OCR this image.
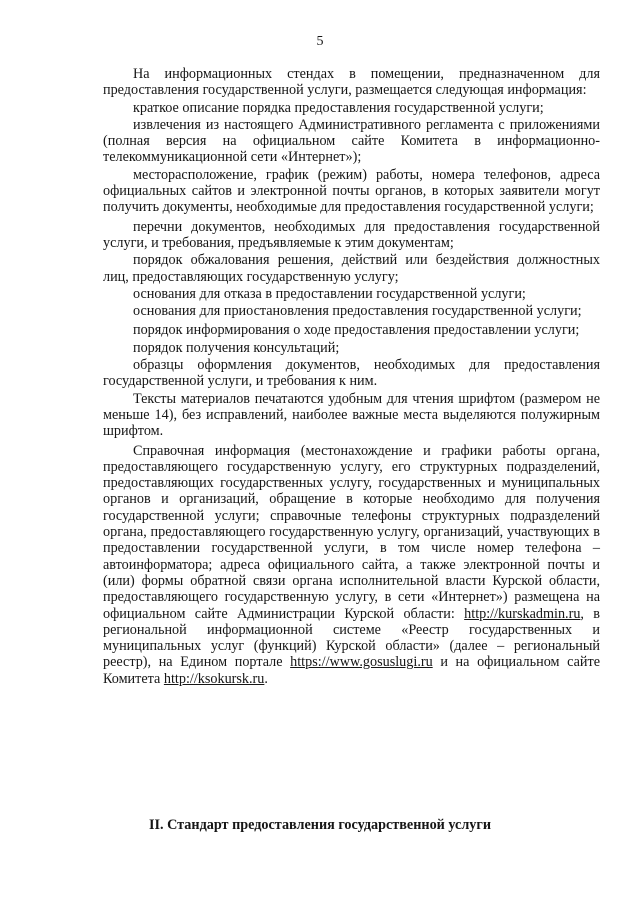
5

На информационных стендах в помещении, предназначенном для предоставления государственной услуги, размещается следующая информация:

краткое описание порядка предоставления государственной услуги;

извлечения из настоящего Административного регламента с приложениями (полная версия на официальном сайте Комитета в информационно-телекоммуникационной сети «Интернет»);

месторасположение, график (режим) работы, номера телефонов, адреса официальных сайтов и электронной почты органов, в которых заявители могут получить документы, необходимые для предоставления государственной услуги;

перечни документов, необходимых для предоставления государственной услуги, и требования, предъявляемые к этим документам;

порядок обжалования решения, действий или бездействия должностных лиц, предоставляющих государственную услугу;

основания для отказа в предоставлении государственной услуги;

основания для приостановления предоставления государственной услуги;

порядок информирования о ходе предоставления предоставлении услуги;

порядок получения консультаций;

образцы оформления документов, необходимых для предоставления государственной услуги, и требования к ним.

Тексты материалов печатаются удобным для чтения шрифтом (размером не меньше 14), без исправлений, наиболее важные места выделяются полужирным шрифтом.

Справочная информация (местонахождение и графики работы органа, предоставляющего государственную услугу, его структурных подразделений, предоставляющих государственных услугу, государственных и муниципальных органов и организаций, обращение в которые необходимо для получения государственной услуги; справочные телефоны структурных подразделений органа, предоставляющего государственную услугу, организаций, участвующих в предоставлении государственной услуги, в том числе номер телефона – автоинформатора; адреса официального сайта, а также электронной почты и (или) формы обратной связи органа исполнительной власти Курской области, предоставляющего государственную услугу, в сети «Интернет») размещена на официальном сайте Администрации Курской области: http://kurskadmin.ru, в региональной информационной системе «Реестр государственных и муниципальных услуг (функций) Курской области» (далее – региональный реестр), на Едином портале https://www.gosuslugi.ru и на официальном сайте Комитета http://ksokursk.ru.

II. Стандарт предоставления государственной услуги
